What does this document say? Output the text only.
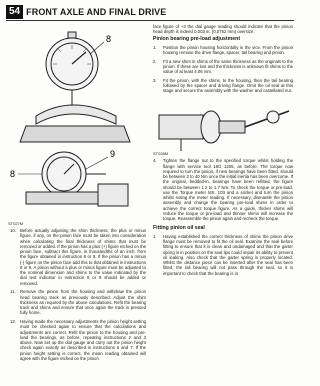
54 FRONT AXLE AND FINAL DRIVE
8
9
8
ST027M
10. Before actually adjusting the shim thickness, the plus or minus figure, if any, on the pinion face must be taken into consideration when calculating the final thickness of shims that must be removed or added. If the pinion has a plus (+) figure etched on the pinion face, subtract this figure, in thousandths of an inch, from the figure obtained in instruction 8 or 9. If the pinion has a minus (-) figure on the pinion face add this to that obtained in instructions 8 or 9. A pinion without a plus or minus figure must be adjusted to the nominal dimension and shims to the value indicated by the dial test indicator in instruction 8 or 9 should be added or removed.

11.	Remove the pinion from the housing and withdraw the pinion head bearing track as previously described. Adjust the shim thickness as required by the above calculations. Refit the bearing track and shims and ensure that once again the track is pressed fully home.

12. Having made the necessary adjustments the pinion height setting must be checked again to ensure that the calculations and adjustments are correct. Refit the pinion to the housing and pre-load the bearings, as before, repeating instructions 2 and 3 above. Now set up the dial gauge and carry out the pinion height check again exactly as described in instructions 6 and 7. If the pinion height setting is correct, the mean reading obtained will agree with the figure etched on the pinion

face figure of +3 the dial gauge reading should indicate that the pinion head depth is indeed 0.003 in. (0.0762 mm) oversize.

Pinion bearing pre-load adjustment
1.	Position the pinion housing horizontally in the vice. From the pinion housing remove the drive flange, spacer, tail bearing and pinion.

2.	Fit a new shim in shims of the same thickness as the originals to the pinion. If these are lost and the thickness is unknown fit shims to the value of at least 4.06 mm.

3.	Fit the pinion, with the shims, to the housing, then the tail bearing followed by the spacer and driving flange. Omit the oil seal at this stage and secure the assembly with the washer and castellated nut.

ST028M
4.	Tighten the flange nut to the specified torque whilst holding the flange with service tool 18G 1205, as before. The torque now required to turn the pinion, if new bearings have been fitted, should be between 2 to 40 Nm once the initial inertia has been overcome. If the original, bedded-in, bearings have been refitted, the figure should be between 1.2 to 1.7 Nm. To check the torque or pre-load, use the Torque meter MS. 103 and a socket and turn the pinion whilst noting the meter reading. If necessary, dismantle the pinion assembly and change the bearing pre-load shims in order to achieve the correct torque figure. As a guide, thicker shims will reduce the torque or pre-load and thinner shims will increase the torque. Reassemble the pinion again and recheck the torque.

Fitting pinion oil seal
1.	Having established the correct thickness of shims the pinion drive flange must be removed to fit the oil seal. Examine the seal before fitting to ensure that it is clean and undamaged and that the garter spring is in position on the seal lips could impair its ability to prevent oil leaking. Also check that the garter spring is properly located. Whilst the distance piece can be inserted after the seal has been fitted, the tail bearing will not pass through the seal, so it is important to check that the bearing is in
